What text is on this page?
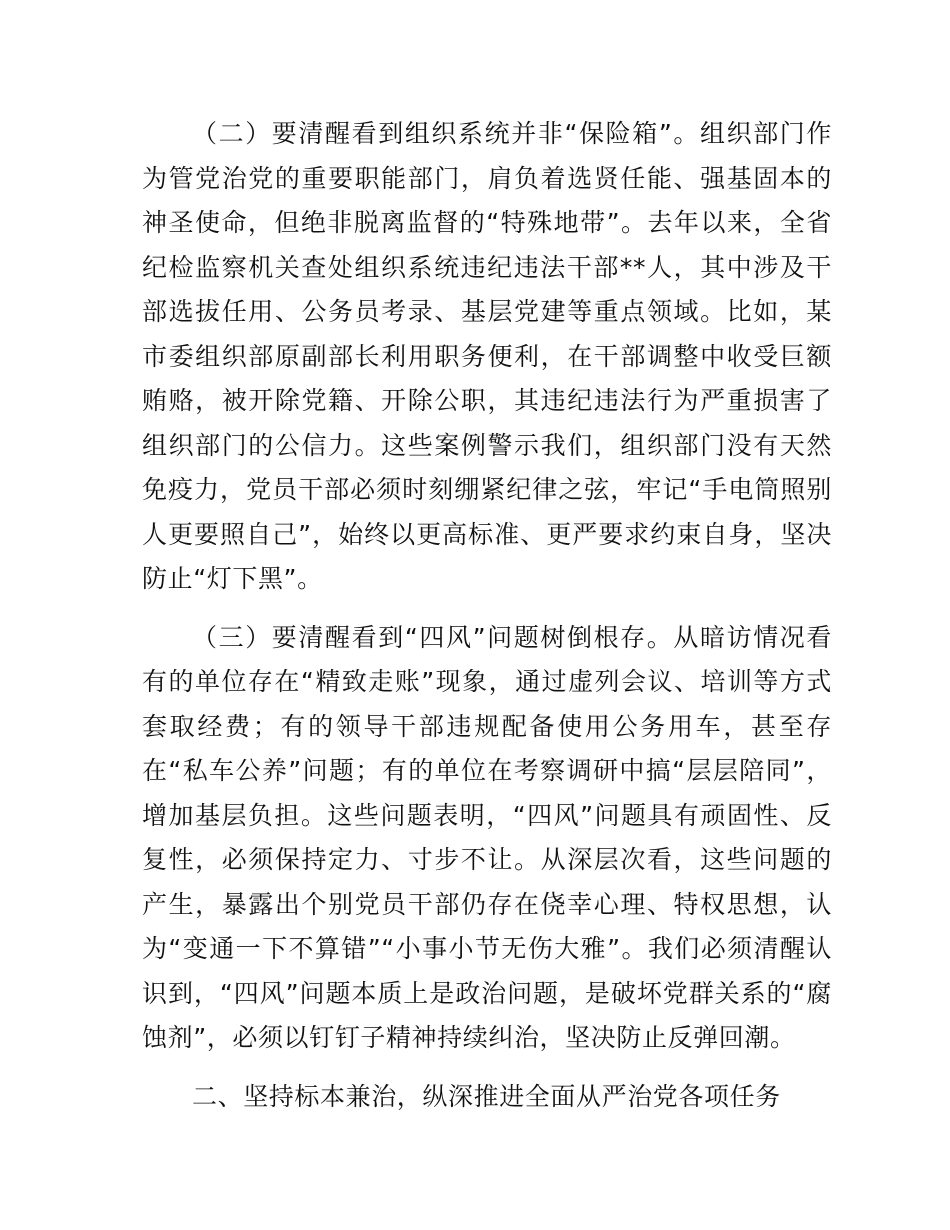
（二）要清醒看到组织系统并非“保险箱”。组织部门作为管党治党的重要职能部门，肩负着选贤任能、强基固本的神圣使命，但绝非脱离监督的“特殊地带”。去年以来，全省纪检监察机关查处组织系统违纪违法干部**人，其中涉及干部选拔任用、公务员考录、基层党建等重点领域。比如，某市委组织部原副部长利用职务便利，在干部调整中收受巨额贿赂，被开除党籍、开除公职，其违纪违法行为严重损害了组织部门的公信力。这些案例警示我们，组织部门没有天然免疫力，党员干部必须时刻绷紧纪律之弦，牢记“手电筒照别人更要照自己”，始终以更高标准、更严要求约束自身，坚决防止“灯下黑”。

（三）要清醒看到“四风”问题树倒根存。从暗访情况看有的单位存在“精致走账”现象，通过虚列会议、培训等方式套取经费；有的领导干部违规配备使用公务用车，甚至存在“私车公养”问题；有的单位在考察调研中搞“层层陪同”，增加基层负担。这些问题表明，“四风”问题具有顽固性、反复性，必须保持定力、寸步不让。从深层次看，这些问题的产生，暴露出个别党员干部仍存在侥幸心理、特权思想，认为“变通一下不算错”“小事小节无伤大雅”。我们必须清醒认识到，“四风”问题本质上是政治问题，是破坏党群关系的“腐蚀剂”，必须以钉钉子精神持续纠治，坚决防止反弹回潮。

二、坚持标本兼治，纵深推进全面从严治党各项任务
